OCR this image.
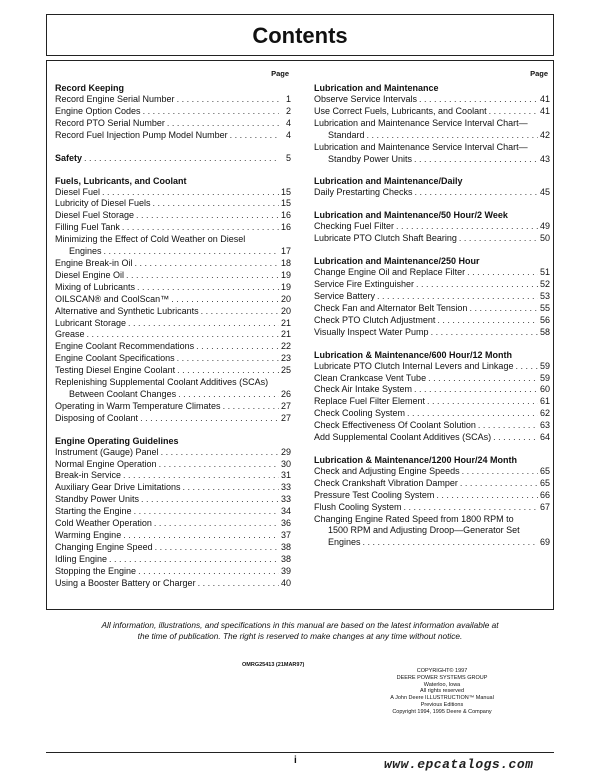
Contents
Page
Record Keeping
Record Engine Serial Number . . .	1
Engine Option Codes . . .	2
Record PTO Serial Number . . .	4
Record Fuel Injection Pump Model Number . . .	4
Safety . . .	5
Fuels, Lubricants, and Coolant
Diesel Fuel . . .	15
Lubricity of Diesel Fuels . . .	15
Diesel Fuel Storage . . .	16
Filling Fuel Tank . . .	16
Minimizing the Effect of Cold Weather on Diesel
Engines . . .	17
Engine Break-in Oil . . .	18
Diesel Engine Oil . . .	19
Mixing of Lubricants . . .	19
OILSCAN® and CoolScan™ . . .	20
Alternative and Synthetic Lubricants . . .	20
Lubricant Storage . . .	21
Grease . . .	21
Engine Coolant Recommendations . . .	22
Engine Coolant Specifications . . .	23
Testing Diesel Engine Coolant . . .	25
Replenishing Supplemental Coolant Additives (SCAs)
Between Coolant Changes . . .	26
Operating in Warm Temperature Climates . . .	27
Disposing of Coolant . . .	27
Engine Operating Guidelines
Instrument (Gauge) Panel . . .	29
Normal Engine Operation . . .	30
Break-in Service . . .	31
Auxiliary Gear Drive Limitations . . .	33
Standby Power Units . . .	33
Starting the Engine . . .	34
Cold Weather Operation . . .	36
Warming Engine . . .	37
Changing Engine Speed . . .	38
Idling Engine . . .	38
Stopping the Engine . . .	39
Using a Booster Battery or Charger . . .	40
Page
Lubrication and Maintenance
Observe Service Intervals . . .	41
Use Correct Fuels, Lubricants, and Coolant . . .	41
Lubrication and Maintenance Service Interval Chart—
Standard . . .	42
Lubrication and Maintenance Service Interval Chart—
Standby Power Units . . .	43
Lubrication and Maintenance/Daily
Daily Prestarting Checks . . .	45
Lubrication and Maintenance/50 Hour/2 Week
Checking Fuel Filter . . .	49
Lubricate PTO Clutch Shaft Bearing . . .	50
Lubrication and Maintenance/250 Hour
Change Engine Oil and Replace Filter . . .	51
Service Fire Extinguisher . . .	52
Service Battery . . .	53
Check Fan and Alternator Belt Tension . . .	55
Check PTO Clutch Adjustment . . .	56
Visually Inspect Water Pump . . .	58
Lubrication & Maintenance/600 Hour/12 Month
Lubricate PTO Clutch Internal Levers and Linkage . . .	59
Clean Crankcase Vent Tube . . .	59
Check Air Intake System . . .	60
Replace Fuel Filter Element . . .	61
Check Cooling System . . .	62
Check Effectiveness Of Coolant Solution . . .	63
Add Supplemental Coolant Additives (SCAs) . . .	64
Lubrication & Maintenance/1200 Hour/24 Month
Check and Adjusting Engine Speeds . . .	65
Check Crankshaft Vibration Damper . . .	65
Pressure Test Cooling System . . .	66
Flush Cooling System . . .	67
Changing Engine Rated Speed from 1800 RPM to
1500 RPM and Adjusting Droop—Generator Set
Engines . . .	69
All information, illustrations, and specifications in this manual are based on the latest information available at the time of publication. The right is reserved to make changes at any time without notice.
OMRG25413 (21MAR97)
COPYRIGHT© 1997
DEERE POWER SYSTEMS GROUP
Waterloo, Iowa
All rights reserved
A John Deere ILLUSTRUCTION™ Manual
Previous Editions
Copyright 1994, 1995 Deere & Company
i	www.epcatalogs.com
